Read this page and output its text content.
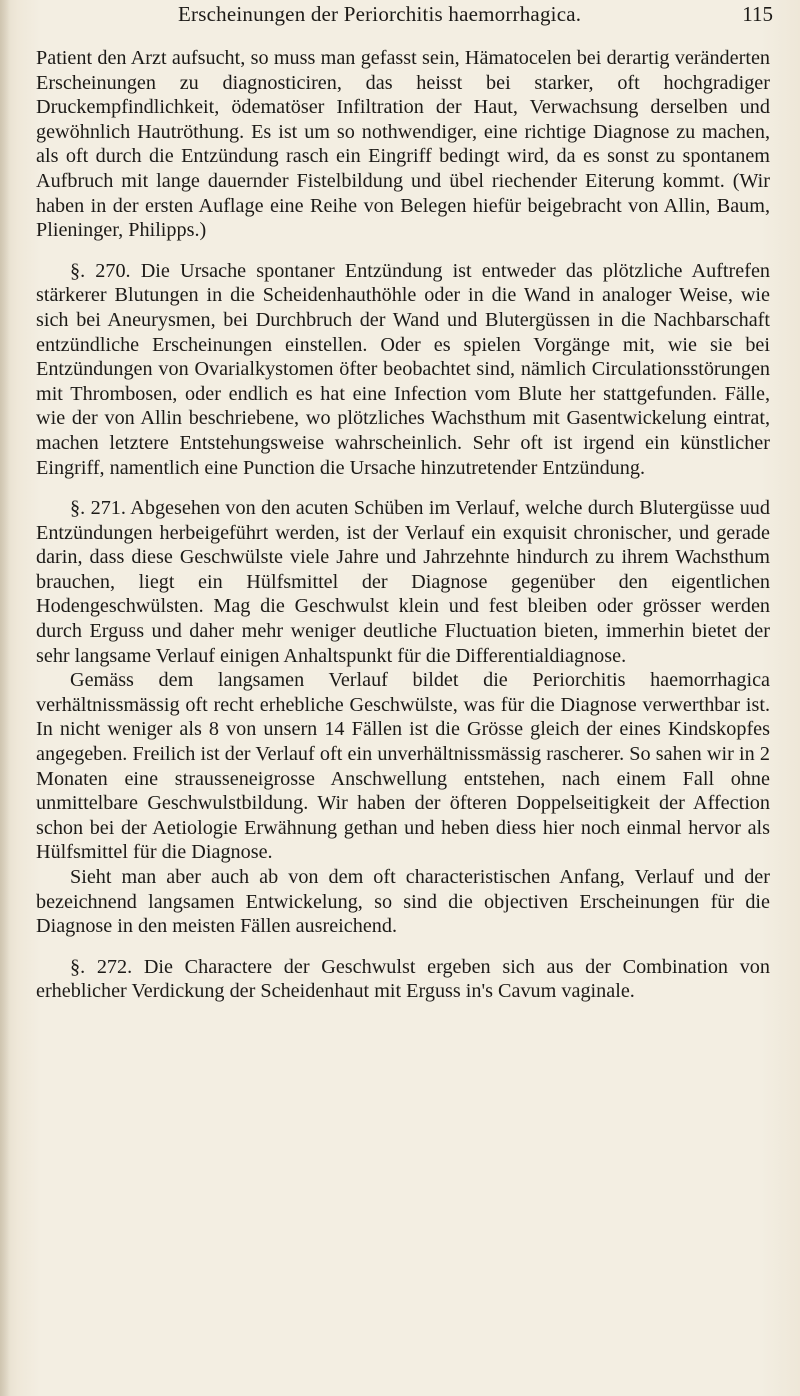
Erscheinungen der Periorchitis haemorrhagica.	115

Patient den Arzt aufsucht, so muss man gefasst sein, Hämatocelen bei derartig veränderten Erscheinungen zu diagnosticiren, das heisst bei starker, oft hochgradiger Druckempfindlichkeit, ödematöser Infiltration der Haut, Verwachsung derselben und gewöhnlich Hautröthung. Es ist um so nothwendiger, eine richtige Diagnose zu machen, als oft durch die Entzündung rasch ein Eingriff bedingt wird, da es sonst zu spontanem Aufbruch mit lange dauernder Fistelbildung und übel riechender Eiterung kommt. (Wir haben in der ersten Auflage eine Reihe von Belegen hiefür beigebracht von Allin, Baum, Plieninger, Philipps.)

§. 270. Die Ursache spontaner Entzündung ist entweder das plötzliche Auftrefen stärkerer Blutungen in die Scheidenhauthöhle oder in die Wand in analoger Weise, wie sich bei Aneurysmen, bei Durchbruch der Wand und Blutergüssen in die Nachbarschaft entzündliche Erscheinungen einstellen. Oder es spielen Vorgänge mit, wie sie bei Entzündungen von Ovarialkystomen öfter beobachtet sind, nämlich Circulationsstörungen mit Thrombosen, oder endlich es hat eine Infection vom Blute her stattgefunden. Fälle, wie der von Allin beschriebene, wo plötzliches Wachsthum mit Gasentwickelung eintrat, machen letztere Entstehungsweise wahrscheinlich. Sehr oft ist irgend ein künstlicher Eingriff, namentlich eine Punction die Ursache hinzutretender Entzündung.

§. 271. Abgesehen von den acuten Schüben im Verlauf, welche durch Blutergüsse uud Entzündungen herbeigeführt werden, ist der Verlauf ein exquisit chronischer, und gerade darin, dass diese Geschwülste viele Jahre und Jahrzehnte hindurch zu ihrem Wachsthum brauchen, liegt ein Hülfsmittel der Diagnose gegenüber den eigentlichen Hodengeschwülsten. Mag die Geschwulst klein und fest bleiben oder grösser werden durch Erguss und daher mehr weniger deutliche Fluctuation bieten, immerhin bietet der sehr langsame Verlauf einigen Anhaltspunkt für die Differentialdiagnose.

Gemäss dem langsamen Verlauf bildet die Periorchitis haemorrhagica verhältnissmässig oft recht erhebliche Geschwülste, was für die Diagnose verwerthbar ist. In nicht weniger als 8 von unsern 14 Fällen ist die Grösse gleich der eines Kindskopfes angegeben. Freilich ist der Verlauf oft ein unverhältnissmässig rascherer. So sahen wir in 2 Monaten eine strausseneigrosse Anschwellung entstehen, nach einem Fall ohne unmittelbare Geschwulstbildung. Wir haben der öfteren Doppelseitigkeit der Affection schon bei der Aetiologie Erwähnung gethan und heben diess hier noch einmal hervor als Hülfsmittel für die Diagnose.

Sieht man aber auch ab von dem oft characteristischen Anfang, Verlauf und der bezeichnend langsamen Entwickelung, so sind die objectiven Erscheinungen für die Diagnose in den meisten Fällen ausreichend.

§. 272. Die Charactere der Geschwulst ergeben sich aus der Combination von erheblicher Verdickung der Scheidenhaut mit Erguss in's Cavum vaginale.
